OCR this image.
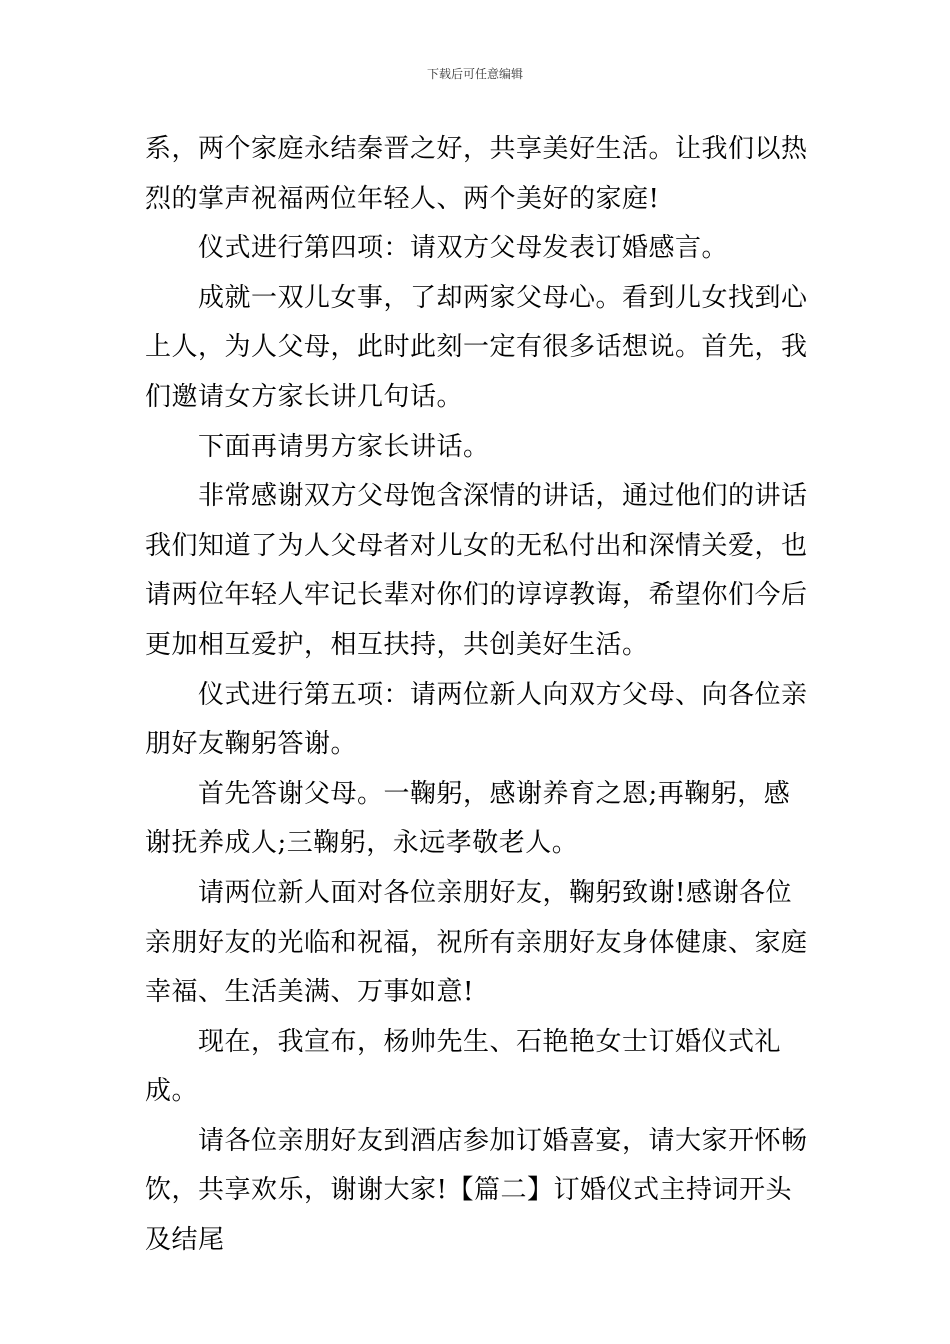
下载后可任意编辑

系，两个家庭永结秦晋之好，共享美好生活。让我们以热烈的掌声祝福两位年轻人、两个美好的家庭!

仪式进行第四项：请双方父母发表订婚感言。

成就一双儿女事，了却两家父母心。看到儿女找到心上人，为人父母，此时此刻一定有很多话想说。首先，我们邀请女方家长讲几句话。

下面再请男方家长讲话。

非常感谢双方父母饱含深情的讲话，通过他们的讲话我们知道了为人父母者对儿女的无私付出和深情关爱，也请两位年轻人牢记长辈对你们的谆谆教诲，希望你们今后更加相互爱护，相互扶持，共创美好生活。

仪式进行第五项：请两位新人向双方父母、向各位亲朋好友鞠躬答谢。

首先答谢父母。一鞠躬，感谢养育之恩;再鞠躬，感谢抚养成人;三鞠躬，永远孝敬老人。

请两位新人面对各位亲朋好友，鞠躬致谢!感谢各位亲朋好友的光临和祝福，祝所有亲朋好友身体健康、家庭幸福、生活美满、万事如意!

现在，我宣布，杨帅先生、石艳艳女士订婚仪式礼成。

请各位亲朋好友到酒店参加订婚喜宴，请大家开怀畅饮，共享欢乐，谢谢大家!【篇二】订婚仪式主持词开头及结尾
